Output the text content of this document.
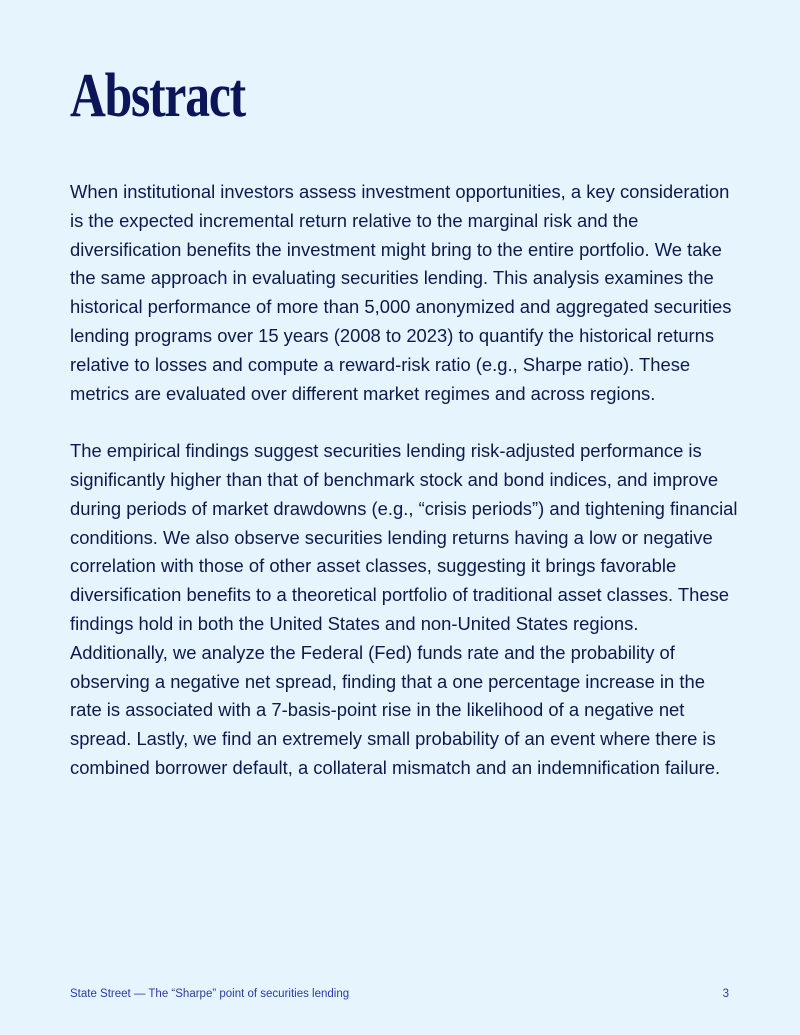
Abstract

When institutional investors assess investment opportunities, a key consideration is the expected incremental return relative to the marginal risk and the diversification benefits the investment might bring to the entire portfolio. We take the same approach in evaluating securities lending. This analysis examines the historical performance of more than 5,000 anonymized and aggregated securities lending programs over 15 years (2008 to 2023) to quantify the historical returns relative to losses and compute a reward-risk ratio (e.g., Sharpe ratio). These metrics are evaluated over different market regimes and across regions.

The empirical findings suggest securities lending risk-adjusted performance is significantly higher than that of benchmark stock and bond indices, and improve during periods of market drawdowns (e.g., “crisis periods”) and tightening financial conditions. We also observe securities lending returns having a low or negative correlation with those of other asset classes, suggesting it brings favorable diversification benefits to a theoretical portfolio of traditional asset classes. These findings hold in both the United States and non-United States regions. Additionally, we analyze the Federal (Fed) funds rate and the probability of observing a negative net spread, finding that a one percentage increase in the rate is associated with a 7-basis-point rise in the likelihood of a negative net spread. Lastly, we find an extremely small probability of an event where there is combined borrower default, a collateral mismatch and an indemnification failure.

State Street — The “Sharpe” point of securities lending	3
